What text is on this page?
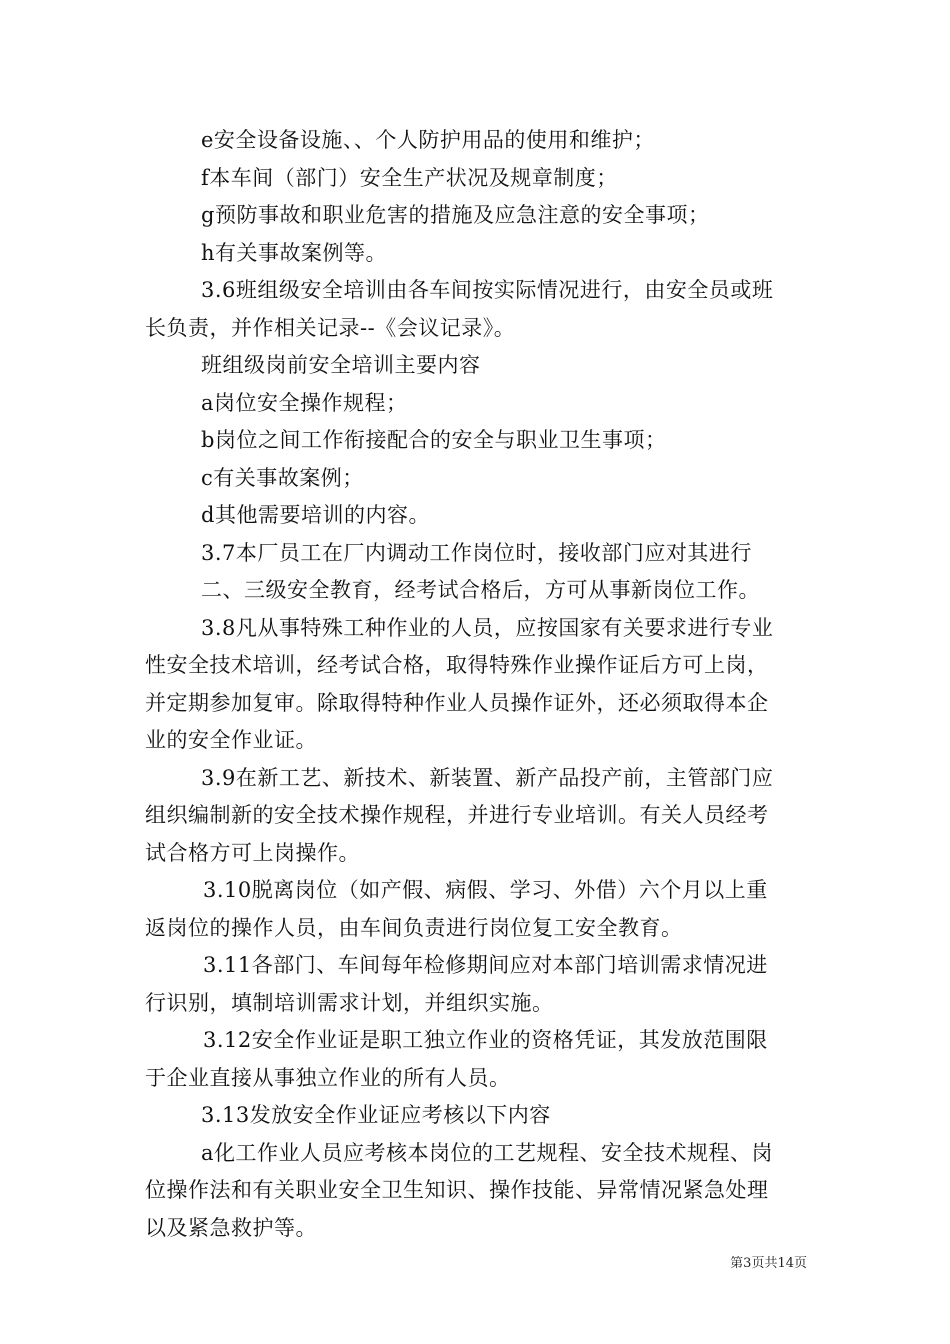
e安全设备设施、、个人防护用品的使用和维护；
f本车间（部门）安全生产状况及规章制度；
g预防事故和职业危害的措施及应急注意的安全事项；
h有关事故案例等。
3.6班组级安全培训由各车间按实际情况进行，由安全员或班
长负责，并作相关记录--《会议记录》。
班组级岗前安全培训主要内容
a岗位安全操作规程；
b岗位之间工作衔接配合的安全与职业卫生事项；
c有关事故案例；
d其他需要培训的内容。
3.7本厂员工在厂内调动工作岗位时，接收部门应对其进行
二、三级安全教育，经考试合格后，方可从事新岗位工作。
3.8凡从事特殊工种作业的人员，应按国家有关要求进行专业
性安全技术培训，经考试合格，取得特殊作业操作证后方可上岗，
并定期参加复审。除取得特种作业人员操作证外，还必须取得本企
业的安全作业证。
3.9在新工艺、新技术、新装置、新产品投产前，主管部门应
组织编制新的安全技术操作规程，并进行专业培训。有关人员经考
试合格方可上岗操作。
3.10脱离岗位（如产假、病假、学习、外借）六个月以上重
返岗位的操作人员，由车间负责进行岗位复工安全教育。
3.11各部门、车间每年检修期间应对本部门培训需求情况进
行识别，填制培训需求计划，并组织实施。
3.12安全作业证是职工独立作业的资格凭证，其发放范围限
于企业直接从事独立作业的所有人员。
3.13发放安全作业证应考核以下内容
a化工作业人员应考核本岗位的工艺规程、安全技术规程、岗
位操作法和有关职业安全卫生知识、操作技能、异常情况紧急处理
以及紧急救护等。
第3页共14页
